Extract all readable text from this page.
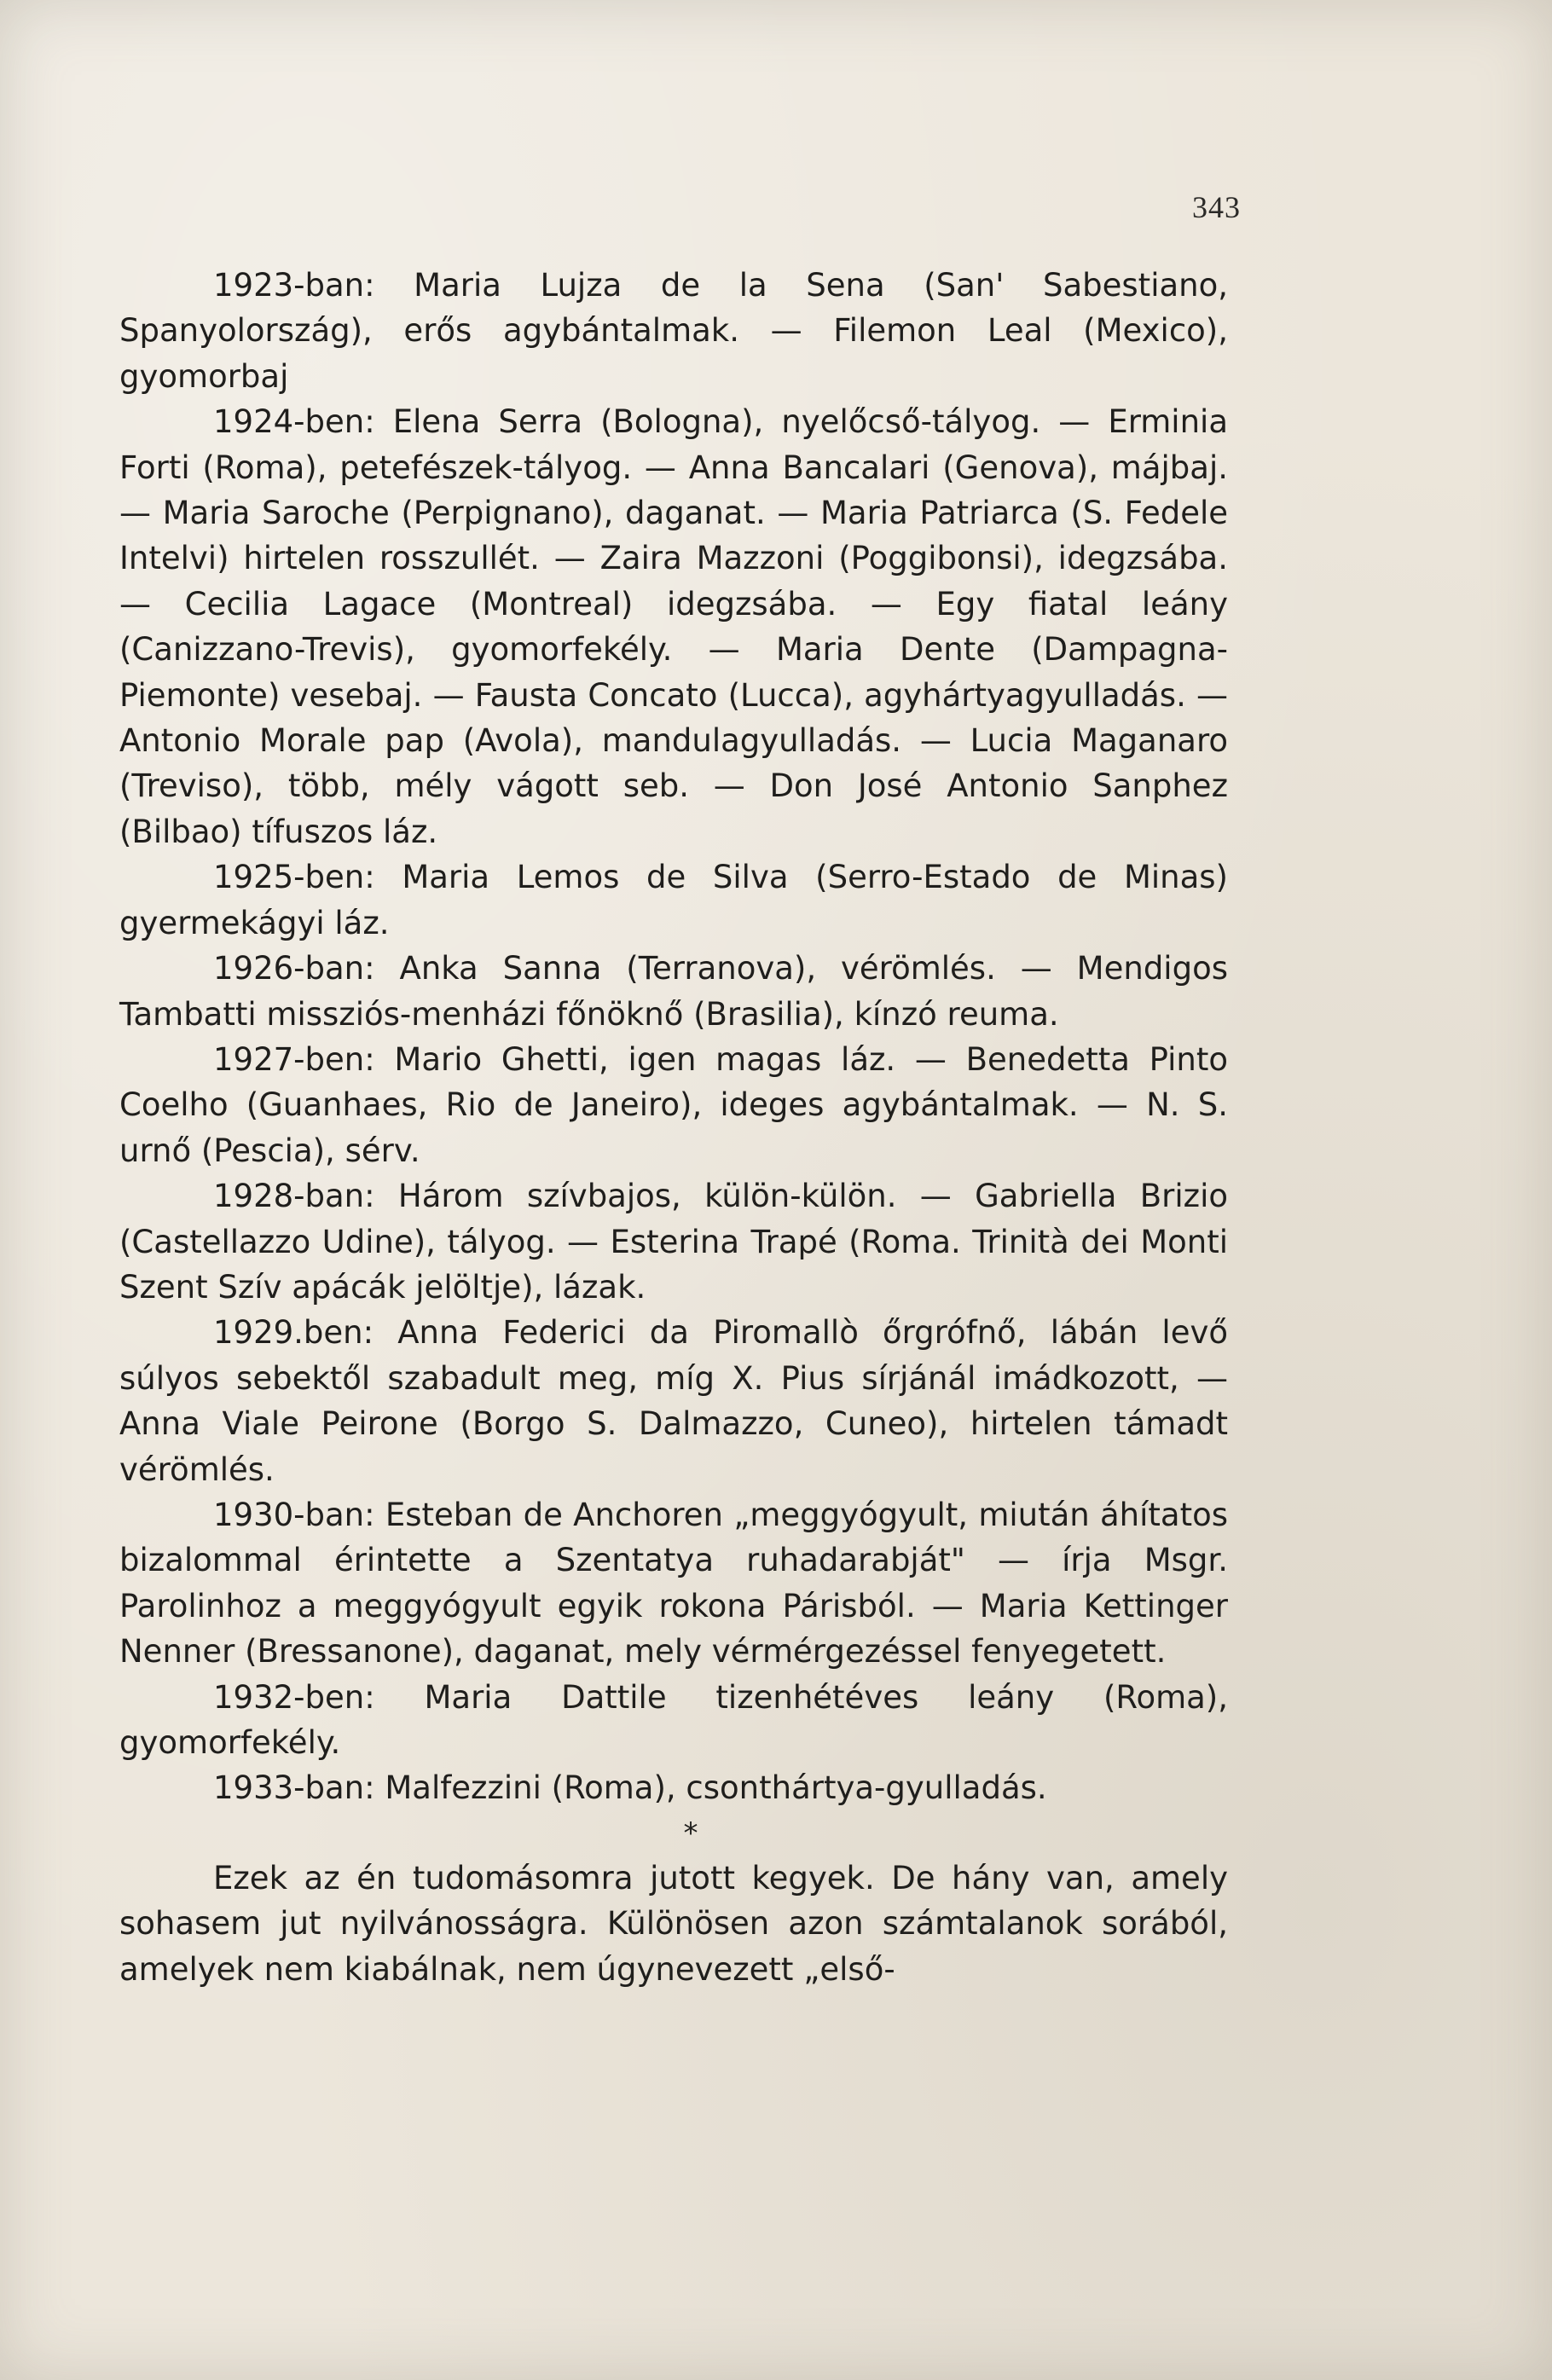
343

1923-ban: Maria Lujza de la Sena (San' Sabestiano, Spanyolország), erős agybántalmak. — Filemon Leal (Mexico), gyomorbaj

1924-ben: Elena Serra (Bologna), nyelőcső-tályog. — Erminia Forti (Roma), petefészek-tályog. — Anna Bancalari (Genova), májbaj. — Maria Saroche (Perpignano), daganat. — Maria Patriarca (S. Fedele Intelvi) hirtelen rosszullét. — Zaira Mazzoni (Poggibonsi), idegzsába. — Cecilia Lagace (Montreal) idegzsába. — Egy fiatal leány (Canizzano-Trevis), gyomorfekély. — Maria Dente (Dampagna-Piemonte) vesebaj. — Fausta Concato (Lucca), agyhártyagyulladás. — Antonio Morale pap (Avola), mandulagyulladás. — Lucia Maganaro (Treviso), több, mély vágott seb. — Don José Antonio Sanphez (Bilbao) tífuszos láz.

1925-ben: Maria Lemos de Silva (Serro-Estado de Minas) gyermekágyi láz.

1926-ban: Anka Sanna (Terranova), vérömlés. — Mendigos Tambatti missziós-menházi főnöknő (Brasilia), kínzó reuma.

1927-ben: Mario Ghetti, igen magas láz. — Benedetta Pinto Coelho (Guanhaes, Rio de Janeiro), ideges agybántalmak. — N. S. urnő (Pescia), sérv.

1928-ban: Három szívbajos, külön-külön. — Gabriella Brizio (Castellazzo Udine), tályog. — Esterina Trapé (Roma. Trinità dei Monti Szent Szív apácák jelöltje), lázak.

1929.ben: Anna Federici da Piromallò őrgrófnő, lábán levő súlyos sebektől szabadult meg, míg X. Pius sírjánál imádkozott, — Anna Viale Peirone (Borgo S. Dalmazzo, Cuneo), hirtelen támadt vérömlés.

1930-ban: Esteban de Anchoren „meggyógyult, miután áhítatos bizalommal érintette a Szentatya ruhadarabját" — írja Msgr. Parolinhoz a meggyógyult egyik rokona Párisból. — Maria Kettinger Nenner (Bressanone), daganat, mely vérmérgezéssel fenyegetett.

1932-ben: Maria Dattile tizenhétéves leány (Roma), gyomorfekély.

1933-ban: Malfezzini (Roma), csonthártya-gyulladás.

*

Ezek az én tudomásomra jutott kegyek. De hány van, amely sohasem jut nyilvánosságra. Különösen azon számtalanok sorából, amelyek nem kiabálnak, nem úgynevezett „első-
